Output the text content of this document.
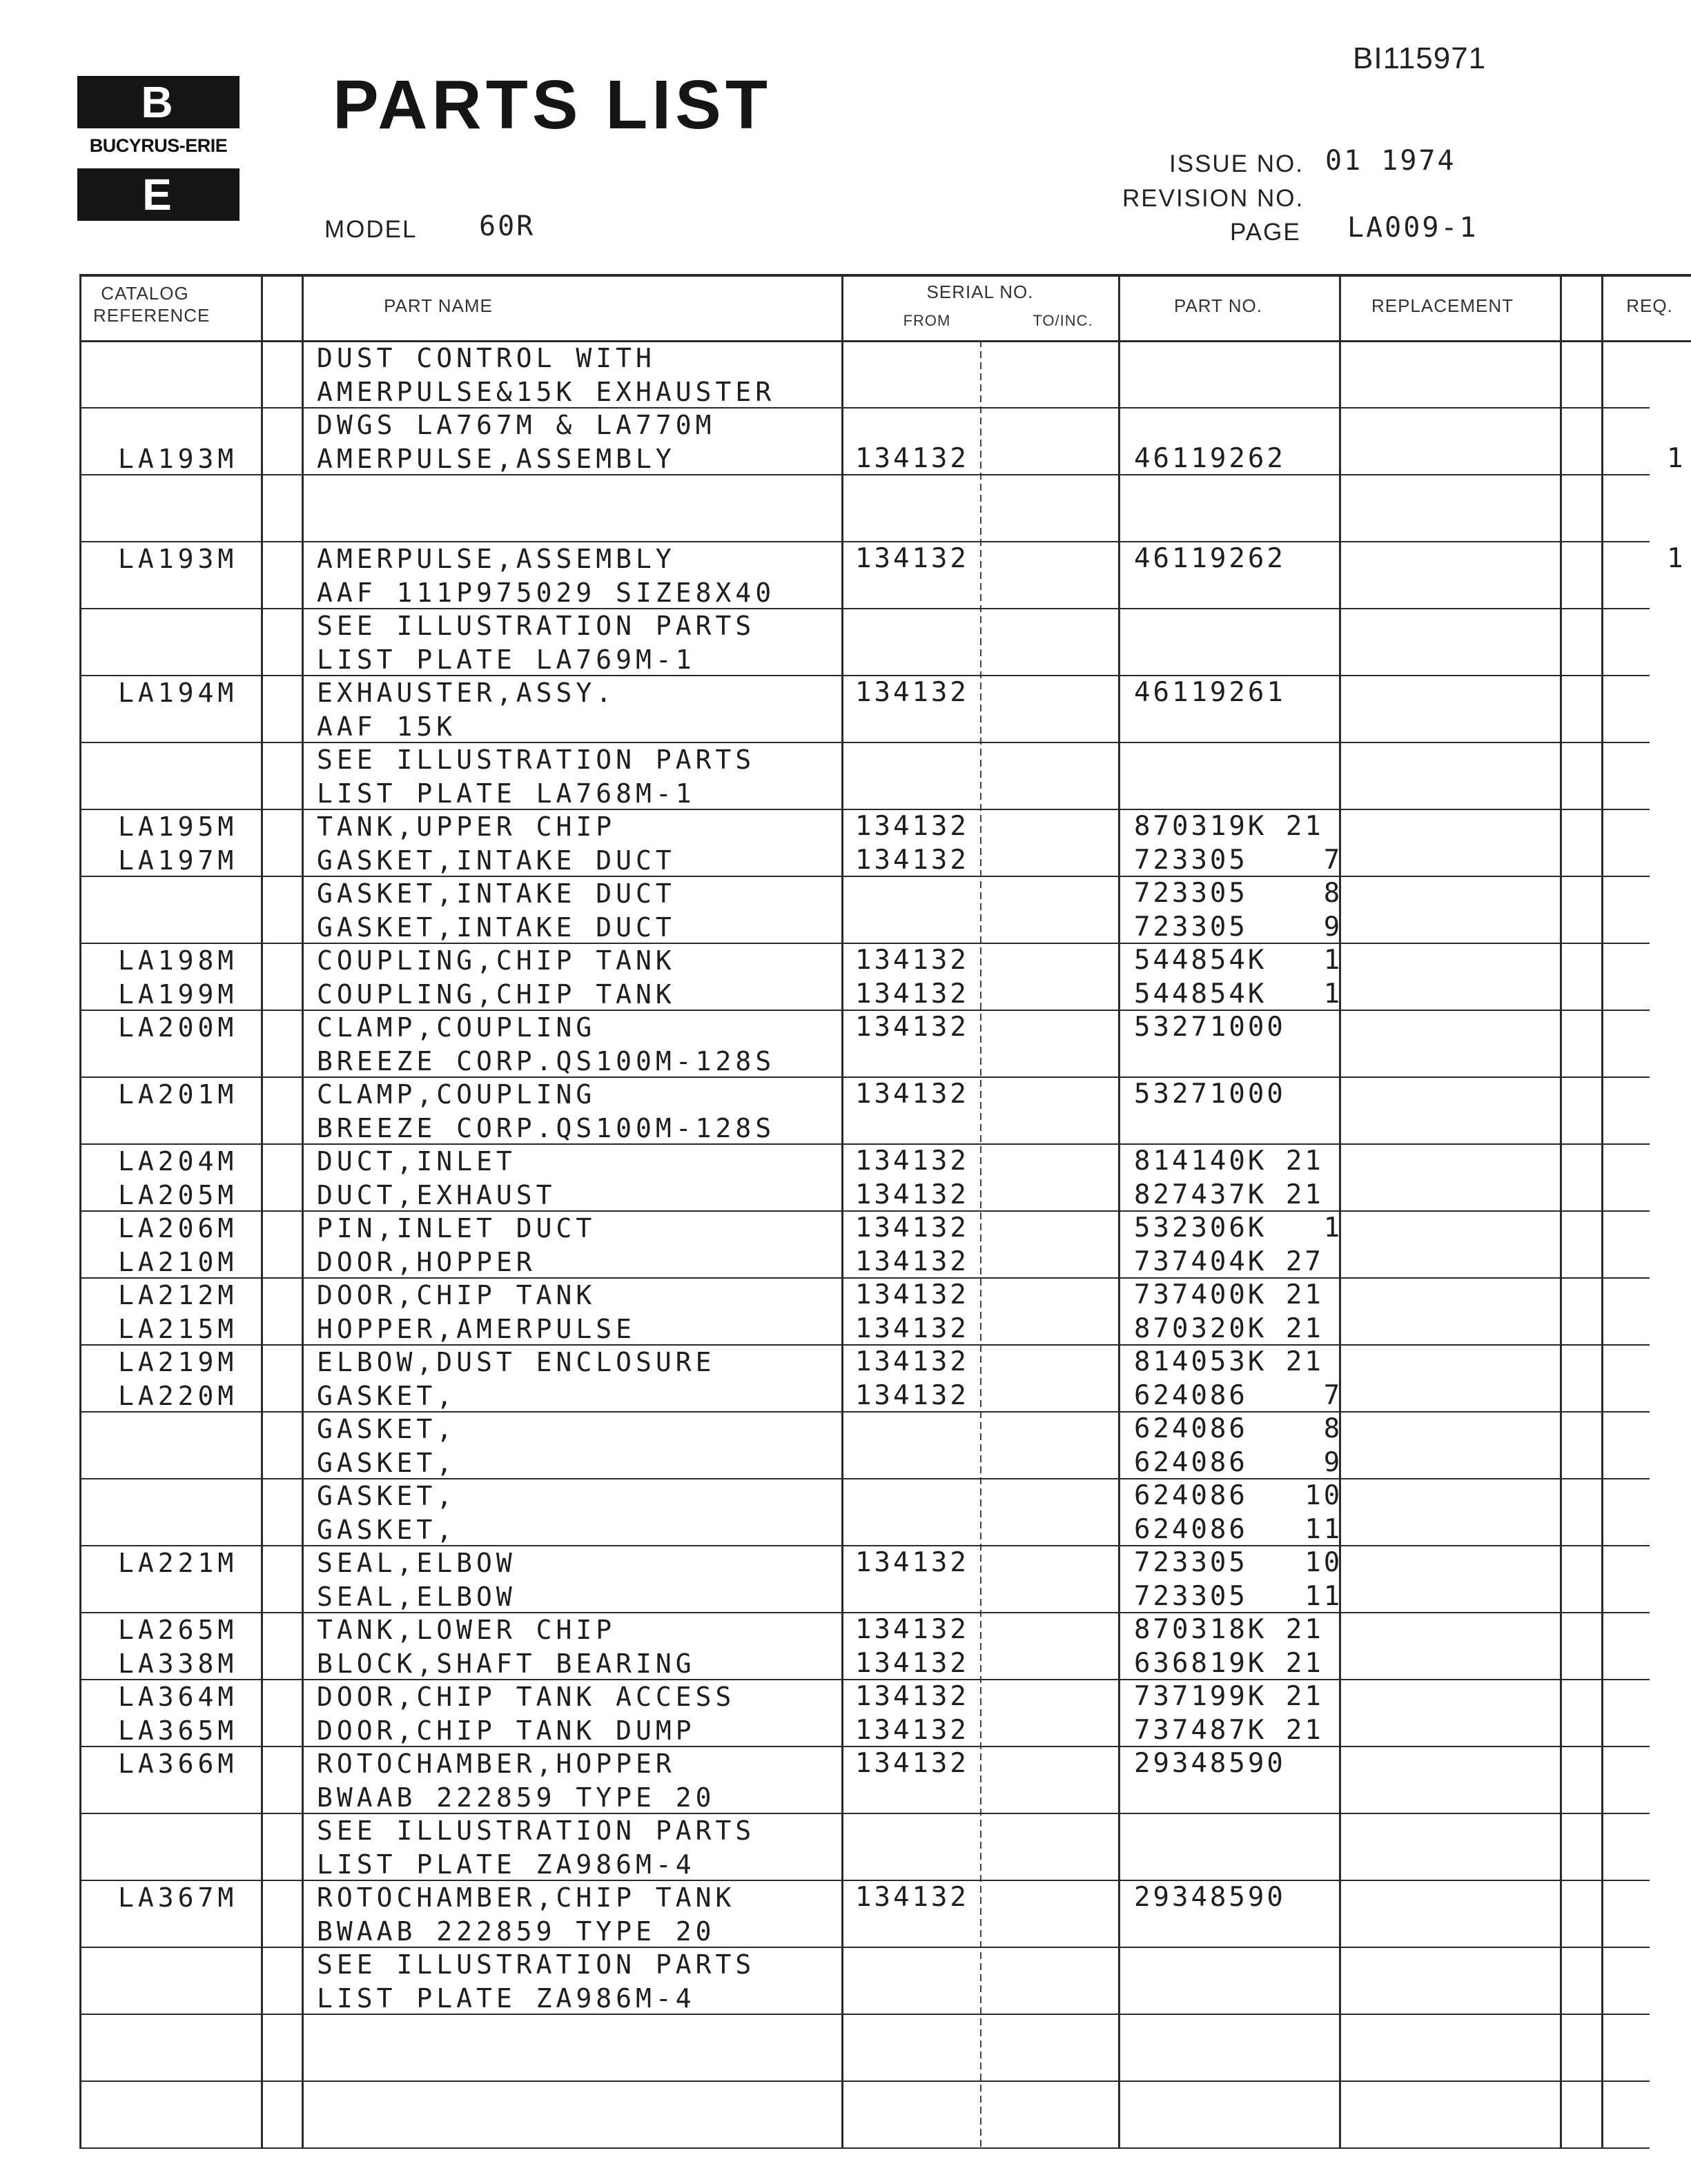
BI115971
B
BUCYRUS-ERIE
E
PARTS LIST
MODEL 60R
ISSUE NO. 01 1974
REVISION NO.
PAGE LA009-1
CATALOG REFERENCE	PART NAME
SERIAL NO.
FROM	TO/INC.
PART NO.	REPLACEMENT	REQ.
DUST CONTROL WITH
AMERPULSE&15K EXHAUSTER
DWGS LA767M & LA770M
LA193M	AMERPULSE,ASSEMBLY	134132	46119262	1
LA193M	AMERPULSE,ASSEMBLY	134132	46119262	1
AAF 111P975029 SIZE8X40
SEE ILLUSTRATION PARTS
LIST PLATE LA769M-1
LA194M	EXHAUSTER,ASSY.	134132	46119261
AAF 15K
SEE ILLUSTRATION PARTS
LIST PLATE LA768M-1
LA195M	TANK,UPPER CHIP	134132	870319K 21
LA197M	GASKET,INTAKE DUCT	134132	723305    7
GASKET,INTAKE DUCT	723305    8
GASKET,INTAKE DUCT	723305    9
LA198M	COUPLING,CHIP TANK	134132	544854K   1
LA199M	COUPLING,CHIP TANK	134132	544854K   1
LA200M	CLAMP,COUPLING	134132	53271000
BREEZE CORP.QS100M-128S
LA201M	CLAMP,COUPLING	134132	53271000
BREEZE CORP.QS100M-128S
LA204M	DUCT,INLET	134132	814140K 21
LA205M	DUCT,EXHAUST	134132	827437K 21
LA206M	PIN,INLET DUCT	134132	532306K   1
LA210M	DOOR,HOPPER	134132	737404K 27
LA212M	DOOR,CHIP TANK	134132	737400K 21
LA215M	HOPPER,AMERPULSE	134132	870320K 21
LA219M	ELBOW,DUST ENCLOSURE	134132	814053K 21
LA220M	GASKET,	134132	624086    7
GASKET,	624086    8
GASKET,	624086    9
GASKET,	624086   10
GASKET,	624086   11
LA221M	SEAL,ELBOW	134132	723305   10
SEAL,ELBOW	723305   11
LA265M	TANK,LOWER CHIP	134132	870318K 21
LA338M	BLOCK,SHAFT BEARING	134132	636819K 21
LA364M	DOOR,CHIP TANK ACCESS	134132	737199K 21
LA365M	DOOR,CHIP TANK DUMP	134132	737487K 21
LA366M	ROTOCHAMBER,HOPPER	134132	29348590
BWAAB 222859 TYPE 20
SEE ILLUSTRATION PARTS
LIST PLATE ZA986M-4
LA367M	ROTOCHAMBER,CHIP TANK	134132	29348590
BWAAB 222859 TYPE 20
SEE ILLUSTRATION PARTS
LIST PLATE ZA986M-4
